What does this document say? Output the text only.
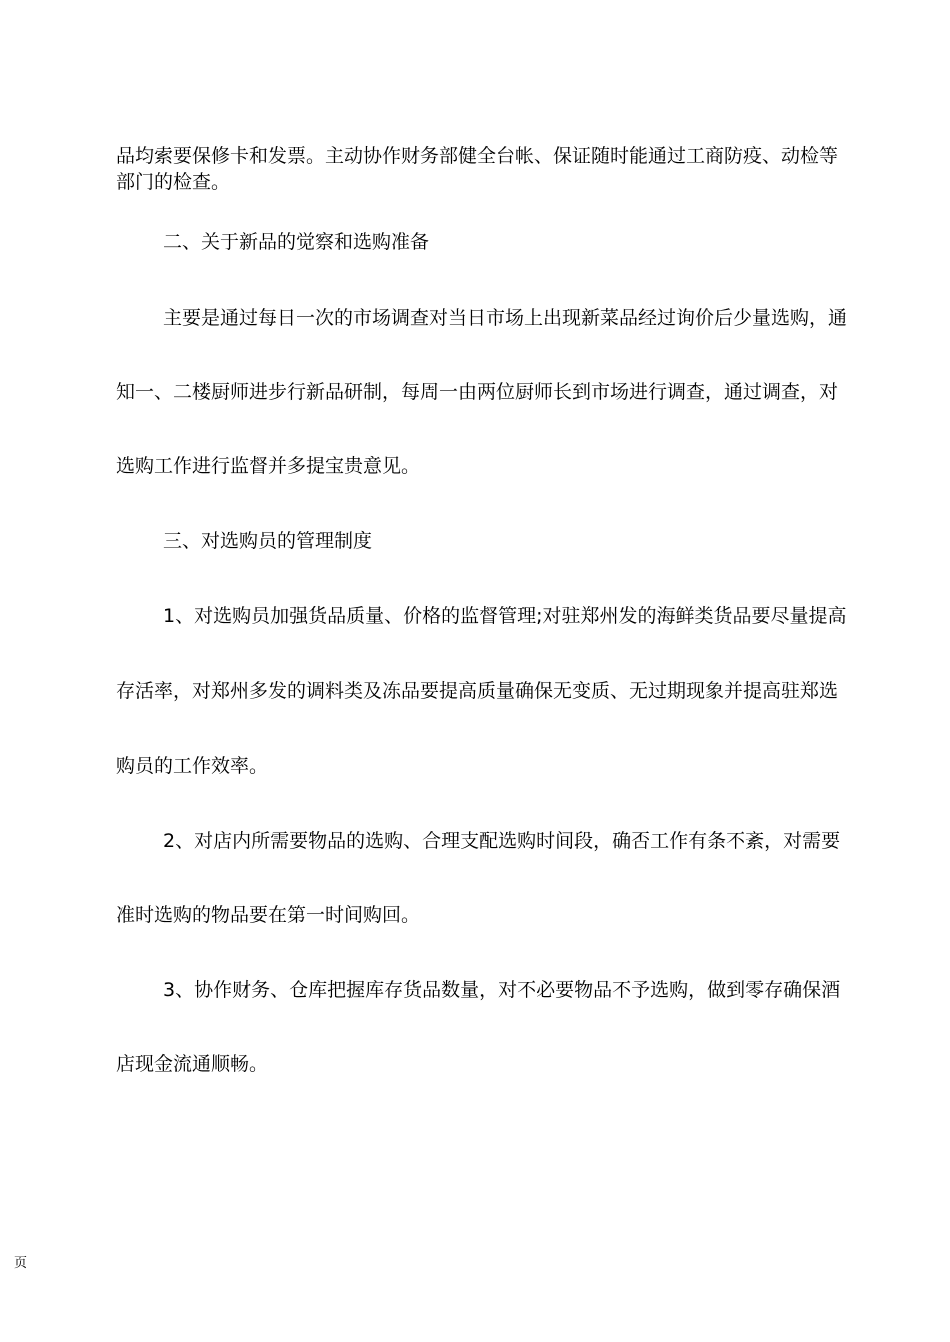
品均索要保修卡和发票。主动协作财务部健全台帐、保证随时能通过工商防疫、动检等
部门的检查。
二、关于新品的觉察和选购准备
主要是通过每日一次的市场调查对当日市场上出现新菜品经过询价后少量选购，通
知一、二楼厨师进步行新品研制，每周一由两位厨师长到市场进行调查，通过调查，对
选购工作进行监督并多提宝贵意见。
三、对选购员的管理制度
1、对选购员加强货品质量、价格的监督管理;对驻郑州发的海鲜类货品要尽量提高
存活率，对郑州多发的调料类及冻品要提高质量确保无变质、无过期现象并提高驻郑选
购员的工作效率。
2、对店内所需要物品的选购、合理支配选购时间段，确否工作有条不紊，对需要
准时选购的物品要在第一时间购回。
3、协作财务、仓库把握库存货品数量，对不必要物品不予选购，做到零存确保酒
店现金流通顺畅。
页
